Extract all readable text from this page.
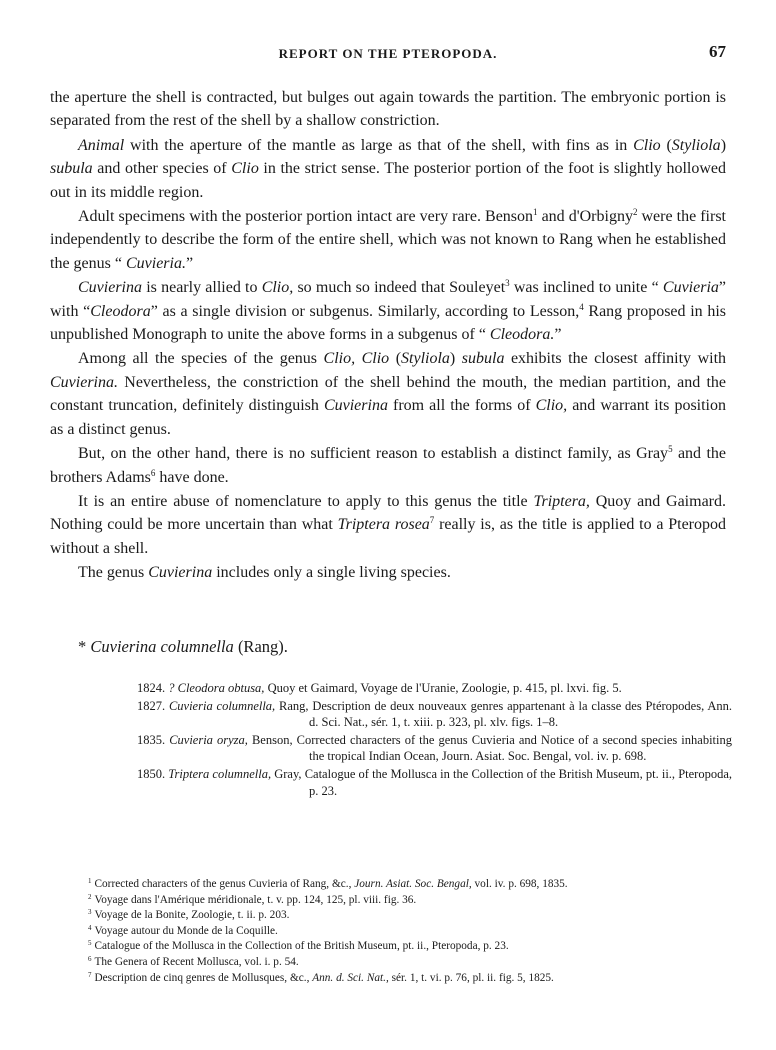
REPORT ON THE PTEROPODA.	67

the aperture the shell is contracted, but bulges out again towards the partition. The embryonic portion is separated from the rest of the shell by a shallow constriction.

Animal with the aperture of the mantle as large as that of the shell, with fins as in Clio (Styliola) subula and other species of Clio in the strict sense. The posterior portion of the foot is slightly hollowed out in its middle region.

Adult specimens with the posterior portion intact are very rare. Benson$^1$ and d'Orbigny$^2$ were the first independently to describe the form of the entire shell, which was not known to Rang when he established the genus “ Cuvieria.”

Cuvierina is nearly allied to Clio, so much so indeed that Souleyet$^3$ was inclined to unite “ Cuvieria” with “Cleodora” as a single division or subgenus. Similarly, according to Lesson,$^4$ Rang proposed in his unpublished Monograph to unite the above forms in a subgenus of “ Cleodora.”

Among all the species of the genus Clio, Clio (Styliola) subula exhibits the closest affinity with Cuvierina. Nevertheless, the constriction of the shell behind the mouth, the median partition, and the constant truncation, definitely distinguish Cuvierina from all the forms of Clio, and warrant its position as a distinct genus.

But, on the other hand, there is no sufficient reason to establish a distinct family, as Gray$^5$ and the brothers Adams$^6$ have done.

It is an entire abuse of nomenclature to apply to this genus the title Triptera, Quoy and Gaimard. Nothing could be more uncertain than what Triptera rosea$^7$ really is, as the title is applied to a Pteropod without a shell.

The genus Cuvierina includes only a single living species.

* Cuvierina columnella (Rang).
1824. ? Cleodora obtusa, Quoy et Gaimard, Voyage de l'Uranie, Zoologie, p. 415, pl. lxvi. fig. 5.
1827. Cuvieria columnella, Rang, Description de deux nouveaux genres appartenant à la classe des Ptéropodes, Ann. d. Sci. Nat., sér. 1, t. xiii. p. 323, pl. xlv. figs. 1–8.
1835. Cuvieria oryza, Benson, Corrected characters of the genus Cuvieria and Notice of a second species inhabiting the tropical Indian Ocean, Journ. Asiat. Soc. Bengal, vol. iv. p. 698.
1850. Triptera columnella, Gray, Catalogue of the Mollusca in the Collection of the British Museum, pt. ii., Pteropoda, p. 23.
$^1$ Corrected characters of the genus Cuvieria of Rang, &c., Journ. Asiat. Soc. Bengal, vol. iv. p. 698, 1835.
$^2$ Voyage dans l'Amérique méridionale, t. v. pp. 124, 125, pl. viii. fig. 36.
$^3$ Voyage de la Bonite, Zoologie, t. ii. p. 203.
$^4$ Voyage autour du Monde de la Coquille.
$^5$ Catalogue of the Mollusca in the Collection of the British Museum, pt. ii., Pteropoda, p. 23.
$^6$ The Genera of Recent Mollusca, vol. i. p. 54.
$^7$ Description de cinq genres de Mollusques, &c., Ann. d. Sci. Nat., sér. 1, t. vi. p. 76, pl. ii. fig. 5, 1825.
